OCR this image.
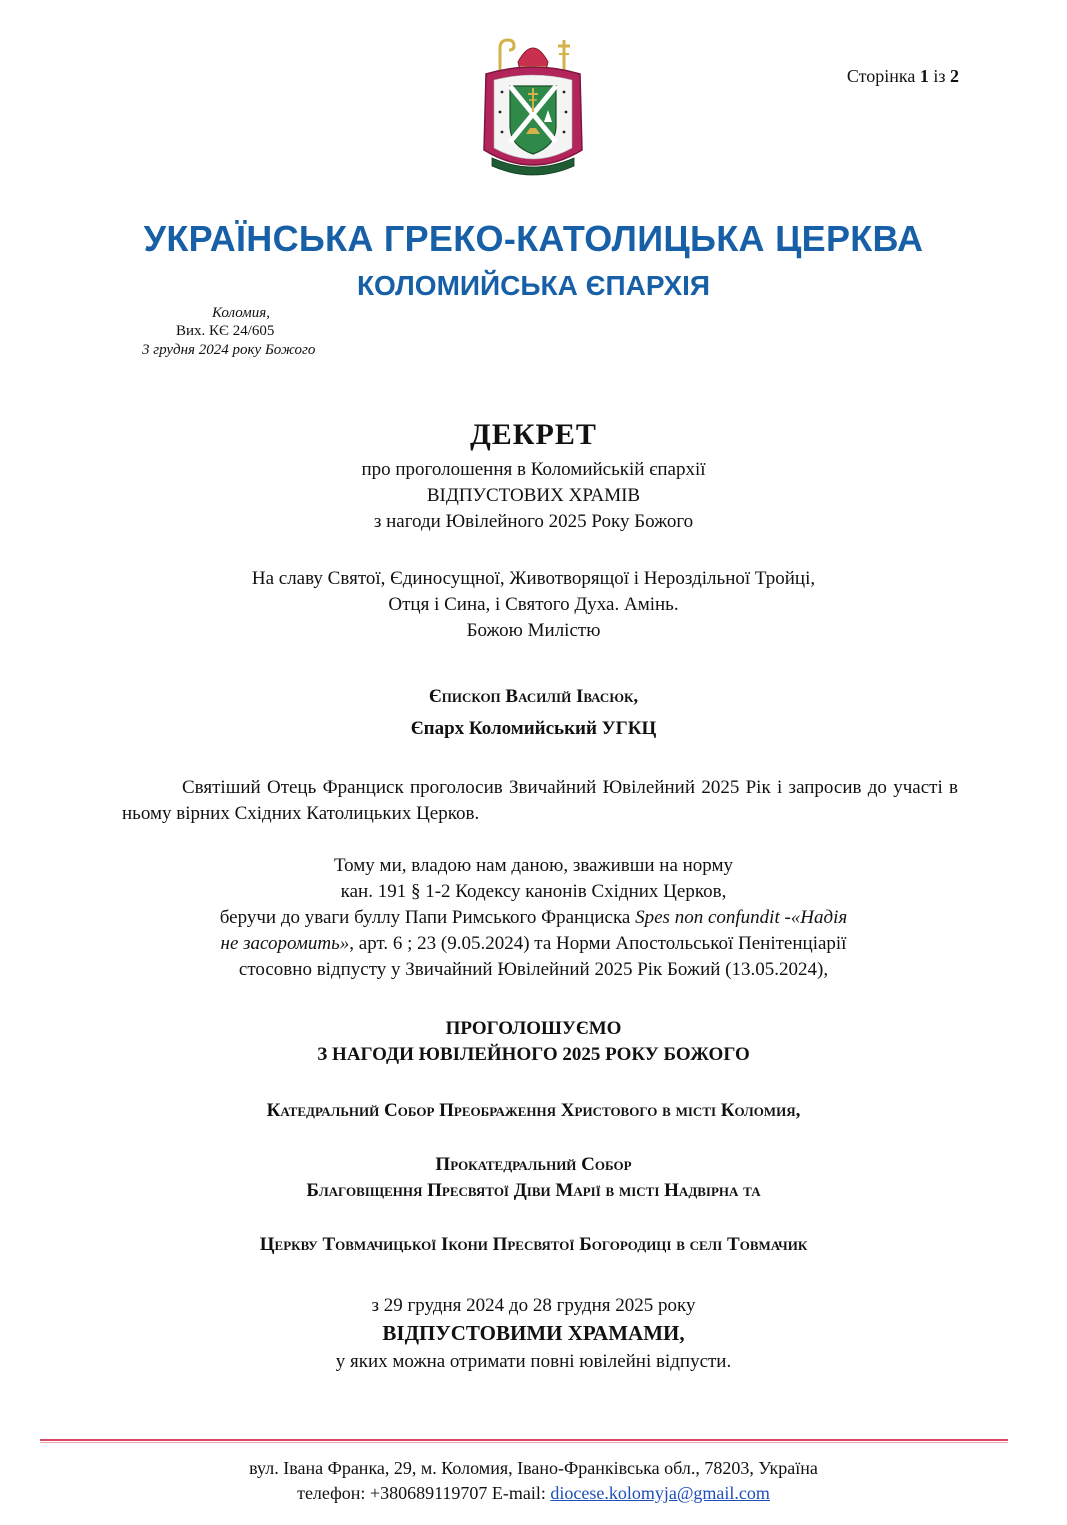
Сторінка 1 із 2
УКРАЇНСЬКА ГРЕКО-КАТОЛИЦЬКА ЦЕРКВА
КОЛОМИЙСЬКА ЄПАРХІЯ
Коломия,
Вих. КЄ 24/605
3 грудня 2024 року Божого
ДЕКРЕТ
про проголошення в Коломийській єпархії
ВІДПУСТОВИХ ХРАМІВ
з нагоди Ювілейного 2025 Року Божого
На славу Святої, Єдиносущної, Животворящої і Нероздільної Тройці,
Отця і Сина, і Святого Духа. Амінь.
Божою Милістю
Єпископ Василій Івасюк,
Єпарх Коломийський УГКЦ
Святіший Отець Франциск проголосив Звичайний Ювілейний 2025 Рік і запросив до участі в ньому вірних Східних Католицьких Церков.
Тому ми, владою нам даною, зваживши на норму
кан. 191 § 1-2 Кодексу канонів Східних Церков,
беручи до уваги буллу Папи Римського Франциска Spes non confundit -«Надія
не засоромить», арт. 6 ; 23 (9.05.2024) та Норми Апостольської Пенітенціарії
стосовно відпусту у Звичайний Ювілейний 2025 Рік Божий (13.05.2024),
ПРОГОЛОШУЄМО
З НАГОДИ ЮВІЛЕЙНОГО 2025 РОКУ БОЖОГО
Катедральний Собор Преображення Христового в місті Коломия,
Прокатедральний Собор
Благовіщення Пресвятої Діви Марії в місті Надвірна та
Церкву Товмачицької Ікони Пресвятої Богородиці в селі Товмачик
з 29 грудня 2024 до 28 грудня 2025 року
ВІДПУСТОВИМИ ХРАМАМИ,
у яких можна отримати повні ювілейні відпусти.
вул. Івана Франка, 29, м. Коломия, Івано-Франківська обл., 78203, Україна
телефон: +380689119707 E-mail: diocese.kolomyja@gmail.com
